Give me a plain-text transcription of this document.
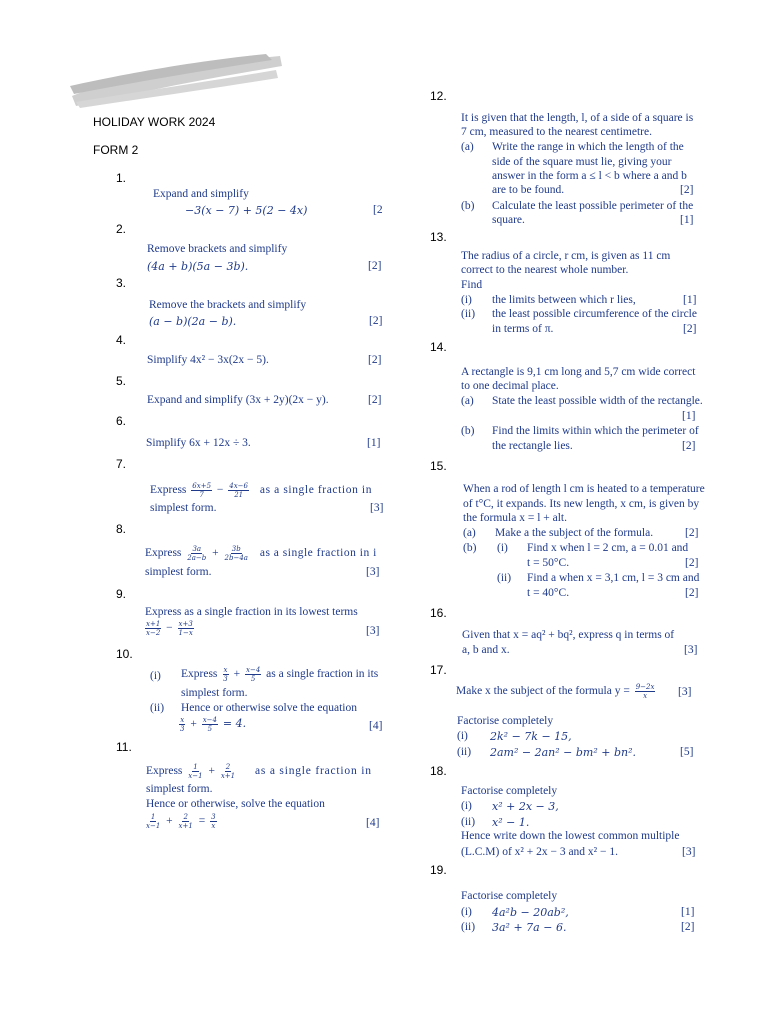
HOLIDAY WORK 2024
FORM 2
1.
Expand and simplify
−3(x − 7) + 5(2 − 4x)	[2
2.
Remove brackets and simplify
(4a + b)(5a − 3b).	[2]
3.
Remove the brackets and simplify
(a − b)(2a − b).	[2]
4.
Simplify 4x² − 3x(2x − 5).	[2]
5.
Expand and simplify (3x + 2y)(2x − y).	[2]
6.
Simplify 6x + 12x ÷ 3.	[1]
7.
Express $\frac{6x+5}{7} - \frac{4x-6}{21}$ as a single fraction in
simplest form.	[3]
8.
Express $\frac{3a}{2a-b} + \frac{3b}{2b-4a}$ as a single fraction in i
simplest form.	[3]
9.
Express as a single fraction in its lowest terms
$\frac{x+1}{x-2} - \frac{x+3}{1-x}$	[3]
10.
(i) Express $\frac{x}{3} + \frac{x-4}{5}$ as a single fraction in its
simplest form.
(ii) Hence or otherwise solve the equation
$\frac{x}{3} + \frac{x-4}{5} = 4$.	[4]
11.
Express $\frac{1}{x-1} + \frac{2}{x+1}$ as a single fraction in
simplest form.
Hence or otherwise, solve the equation
$\frac{1}{x-1} + \frac{2}{x+1} = \frac{3}{x}$	[4]
12.
It is given that the length, l, of a side of a square is
7 cm, measured to the nearest centimetre.
(a) Write the range in which the length of the
side of the square must lie, giving your
answer in the form a ≤ l < b where a and b
are to be found.	[2]
(b) Calculate the least possible perimeter of the
square.	[1]
13.
The radius of a circle, r cm, is given as 11 cm
correct to the nearest whole number.
Find
(i) the limits between which r lies,	[1]
(ii) the least possible circumference of the circle
in terms of π.	[2]
14.
A rectangle is 9,1 cm long and 5,7 cm wide correct
to one decimal place.
(a) State the least possible width of the rectangle.
[1]
(b) Find the limits within which the perimeter of
the rectangle lies.	[2]
15.
When a rod of length l cm is heated to a temperature
of t°C, it expands. Its new length, x cm, is given by
the formula x = l + alt.
(a) Make a the subject of the formula.	[2]
(b) (i) Find x when l = 2 cm, a = 0.01 and
t = 50°C.	[2]
(ii) Find a when x = 3,1 cm, l = 3 cm and
t = 40°C.	[2]
16.
Given that x = aq² + bq², express q in terms of
a, b and x.	[3]
17.
Make x the subject of the formula $y = \frac{9-2x}{x} [3]$
Factorise completely
(i) 2k² − 7k − 15,
(ii) 2am² − 2an² − bm² + bn².	[5]
18.
Factorise completely
(i) x² + 2x − 3,
(ii) x² − 1.
Hence write down the lowest common multiple
(L.C.M) of x² + 2x − 3 and x² − 1.	[3]
19.
Factorise completely
(i) 4a²b − 20ab²,	[1]
(ii) 3a² + 7a − 6.	[2]
